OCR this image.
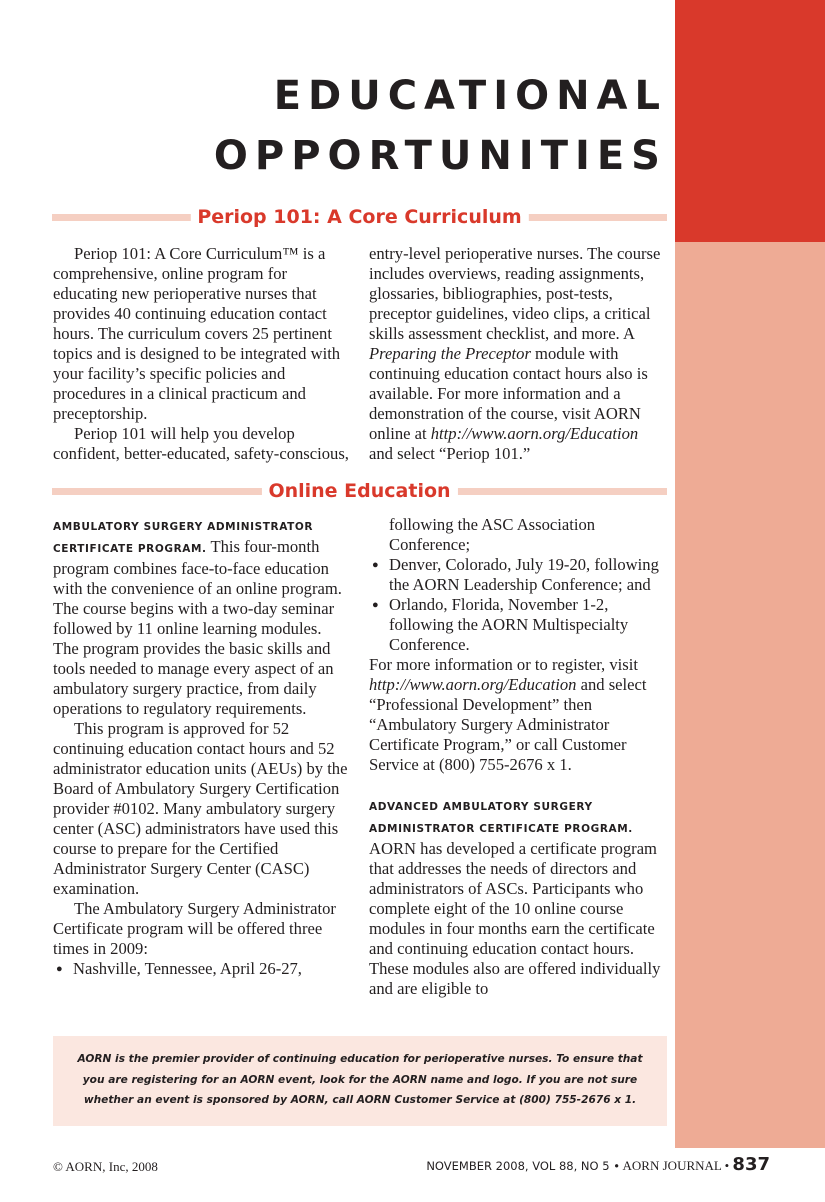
EDUCATIONAL
OPPORTUNITIES
Periop 101: A Core Curriculum

Periop 101: A Core Curriculum™ is a comprehensive, online program for educating new perioperative nurses that provides 40 continuing education contact hours. The curriculum covers 25 pertinent topics and is designed to be integrated with your facility’s specific policies and procedures in a clinical practicum and preceptorship.

Periop 101 will help you develop confident, better-educated, safety-conscious,

entry-level perioperative nurses. The course includes overviews, reading assignments, glossaries, bibliographies, post-tests, preceptor guidelines, video clips, a critical skills assessment checklist, and more. A Preparing the Preceptor module with continuing education contact hours also is available. For more information and a demonstration of the course, visit AORN online at http://www.aorn.org/Education and select “Periop 101.”

Online Education

AMBULATORY SURGERY ADMINISTRATOR CERTIFICATE PROGRAM. This four-month program combines face-to-face education with the convenience of an online program. The course begins with a two-day seminar followed by 11 online learning modules. The program provides the basic skills and tools needed to manage every aspect of an ambulatory surgery practice, from daily operations to regulatory requirements.

This program is approved for 52 continuing education contact hours and 52 administrator education units (AEUs) by the Board of Ambulatory Surgery Certification provider #0102. Many ambulatory surgery center (ASC) administrators have used this course to prepare for the Certified Administrator Surgery Center (CASC) examination.

The Ambulatory Surgery Administrator Certificate program will be offered three times in 2009:

● Nashville, Tennessee, April 26-27,

following the ASC Association Conference;

● Denver, Colorado, July 19-20, following the AORN Leadership Conference; and

● Orlando, Florida, November 1-2, following the AORN Multispecialty Conference.

For more information or to register, visit http://www.aorn.org/Education and select “Professional Development” then “Ambulatory Surgery Administrator Certificate Program,” or call Customer Service at (800) 755-2676 x 1.

ADVANCED AMBULATORY SURGERY ADMINISTRATOR CERTIFICATE PROGRAM. AORN has developed a certificate program that addresses the needs of directors and administrators of ASCs. Participants who complete eight of the 10 online course modules in four months earn the certificate and continuing education contact hours. These modules also are offered individually and are eligible to

AORN is the premier provider of continuing education for perioperative nurses. To ensure that you are registering for an AORN event, look for the AORN name and logo. If you are not sure whether an event is sponsored by AORN, call AORN Customer Service at (800) 755-2676 x 1.
© AORN, Inc, 2008	NOVEMBER 2008, VOL 88, NO 5 • AORN JOURNAL • 837
